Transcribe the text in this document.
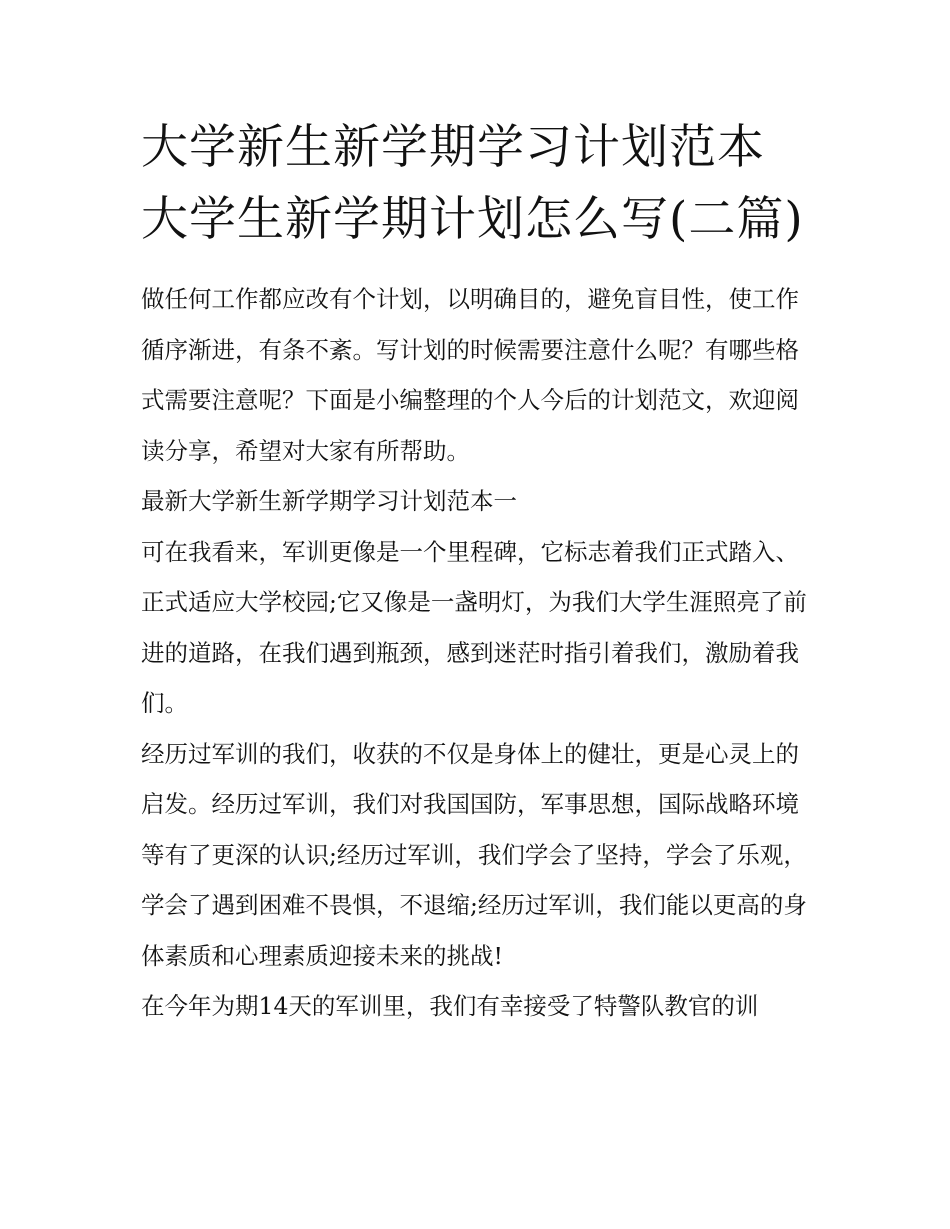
大学新生新学期学习计划范本 大学生新学期计划怎么写(二篇)

做任何工作都应改有个计划，以明确目的，避免盲目性，使工作循序渐进，有条不紊。写计划的时候需要注意什么呢？有哪些格式需要注意呢？下面是小编整理的个人今后的计划范文，欢迎阅读分享，希望对大家有所帮助。

最新大学新生新学期学习计划范本一

可在我看来，军训更像是一个里程碑，它标志着我们正式踏入、正式适应大学校园;它又像是一盏明灯，为我们大学生涯照亮了前进的道路，在我们遇到瓶颈，感到迷茫时指引着我们，激励着我们。

经历过军训的我们，收获的不仅是身体上的健壮，更是心灵上的启发。经历过军训，我们对我国国防，军事思想，国际战略环境等有了更深的认识;经历过军训，我们学会了坚持，学会了乐观，学会了遇到困难不畏惧，不退缩;经历过军训，我们能以更高的身体素质和心理素质迎接未来的挑战!

在今年为期14天的军训里，我们有幸接受了特警队教官的训
